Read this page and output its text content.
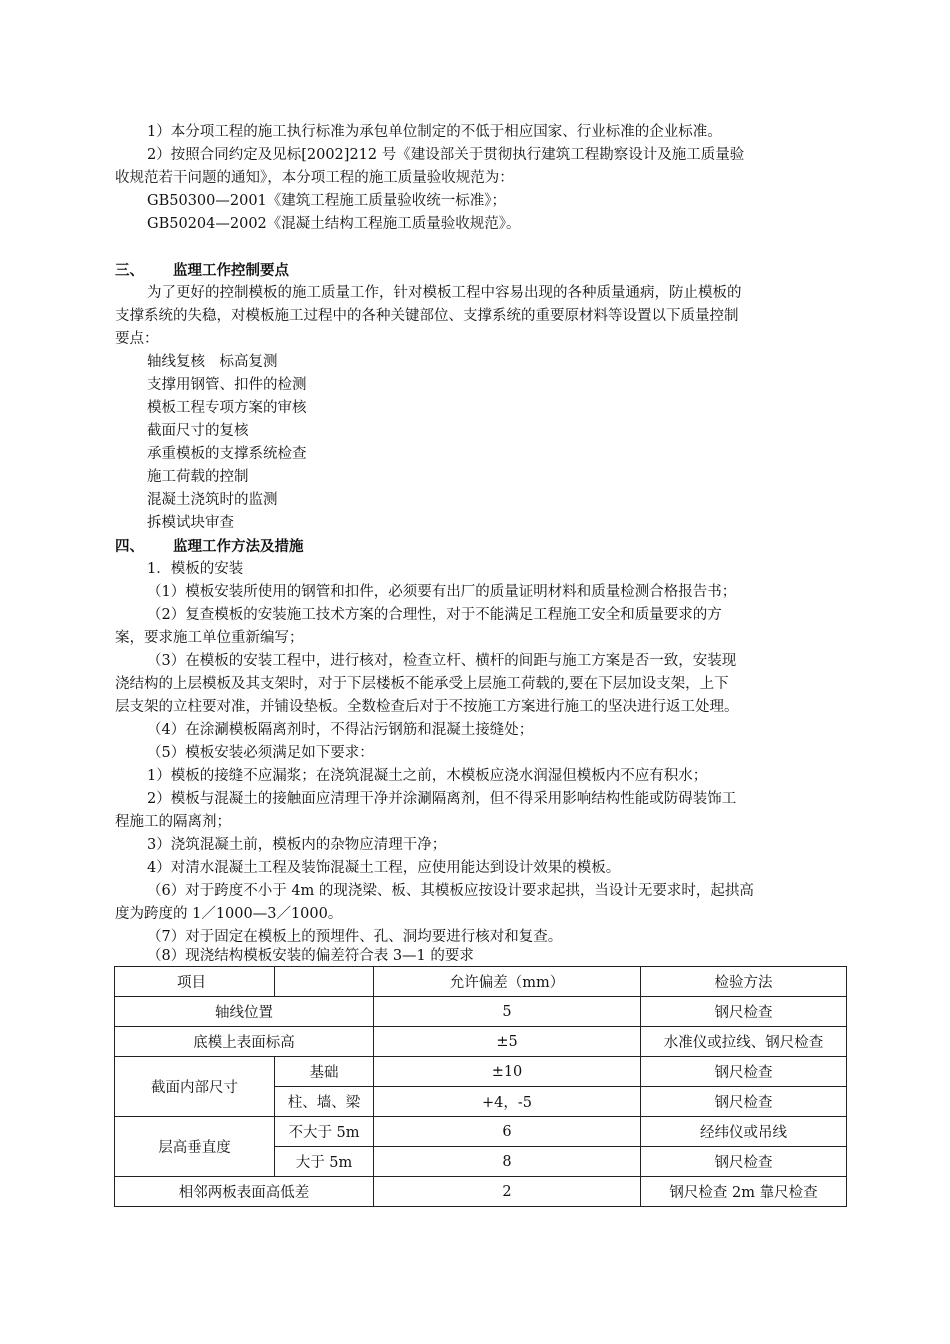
1）本分项工程的施工执行标准为承包单位制定的不低于相应国家、行业标准的企业标准。

2）按照合同约定及见标[2002]212 号《建设部关于贯彻执行建筑工程勘察设计及施工质量验

收规范若干问题的通知》，本分项工程的施工质量验收规范为：

GB50300—2001《建筑工程施工质量验收统一标准》；

GB50204—2002《混凝土结构工程施工质量验收规范》。

三、 监理工作控制要点

为了更好的控制模板的施工质量工作，针对模板工程中容易出现的各种质量通病，防止模板的

支撑系统的失稳，对模板施工过程中的各种关键部位、支撑系统的重要原材料等设置以下质量控制

要点：

轴线复核　标高复测

支撑用钢管、扣件的检测

模板工程专项方案的审核

截面尺寸的复核

承重模板的支撑系统检查

施工荷载的控制

混凝土浇筑时的监测

拆模试块审查

四、 监理工作方法及措施

1．模板的安装

（1）模板安装所使用的钢管和扣件，必须要有出厂的质量证明材料和质量检测合格报告书；

（2）复查模板的安装施工技术方案的合理性，对于不能满足工程施工安全和质量要求的方

案，要求施工单位重新编写；

（3）在模板的安装工程中，进行核对，检查立杆、横杆的间距与施工方案是否一致，安装现

浇结构的上层模板及其支架时，对于下层楼板不能承受上层施工荷载的,要在下层加设支架，上下

层支架的立柱要对准，并铺设垫板。全数检查后对于不按施工方案进行施工的坚决进行返工处理。

（4）在涂涮模板隔离剂时，不得沾污钢筋和混凝土接缝处；

（5）模板安装必须满足如下要求：

1）模板的接缝不应漏浆；在浇筑混凝土之前，木模板应浇水润湿但模板内不应有积水；

2）模板与混凝土的接触面应清理干净并涂涮隔离剂，但不得采用影响结构性能或防碍装饰工

程施工的隔离剂；

3）浇筑混凝土前，模板内的杂物应清理干净；

4）对清水混凝土工程及装饰混凝土工程，应使用能达到设计效果的模板。

（6）对于跨度不小于 4m 的现浇梁、板、其模板应按设计要求起拱，当设计无要求时，起拱高

度为跨度的 1／1000—3／1000。

（7）对于固定在模板上的预埋件、孔、洞均要进行核对和复查。

（8）现浇结构模板安装的偏差符合表 3—1 的要求

项目		允许偏差（mm）	检验方法
轴线位置		5	钢尺检查
底模上表面标高		±5	水准仪或拉线、钢尺检查
截面内部尺寸	基础	±10	钢尺检查
	柱、墙、梁	+4，-5	钢尺检查
层高垂直度	不大于 5m	6	经纬仪或吊线
	大于 5m	8	钢尺检查
相邻两板表面高低差		2	钢尺检查 2m 靠尺检查
